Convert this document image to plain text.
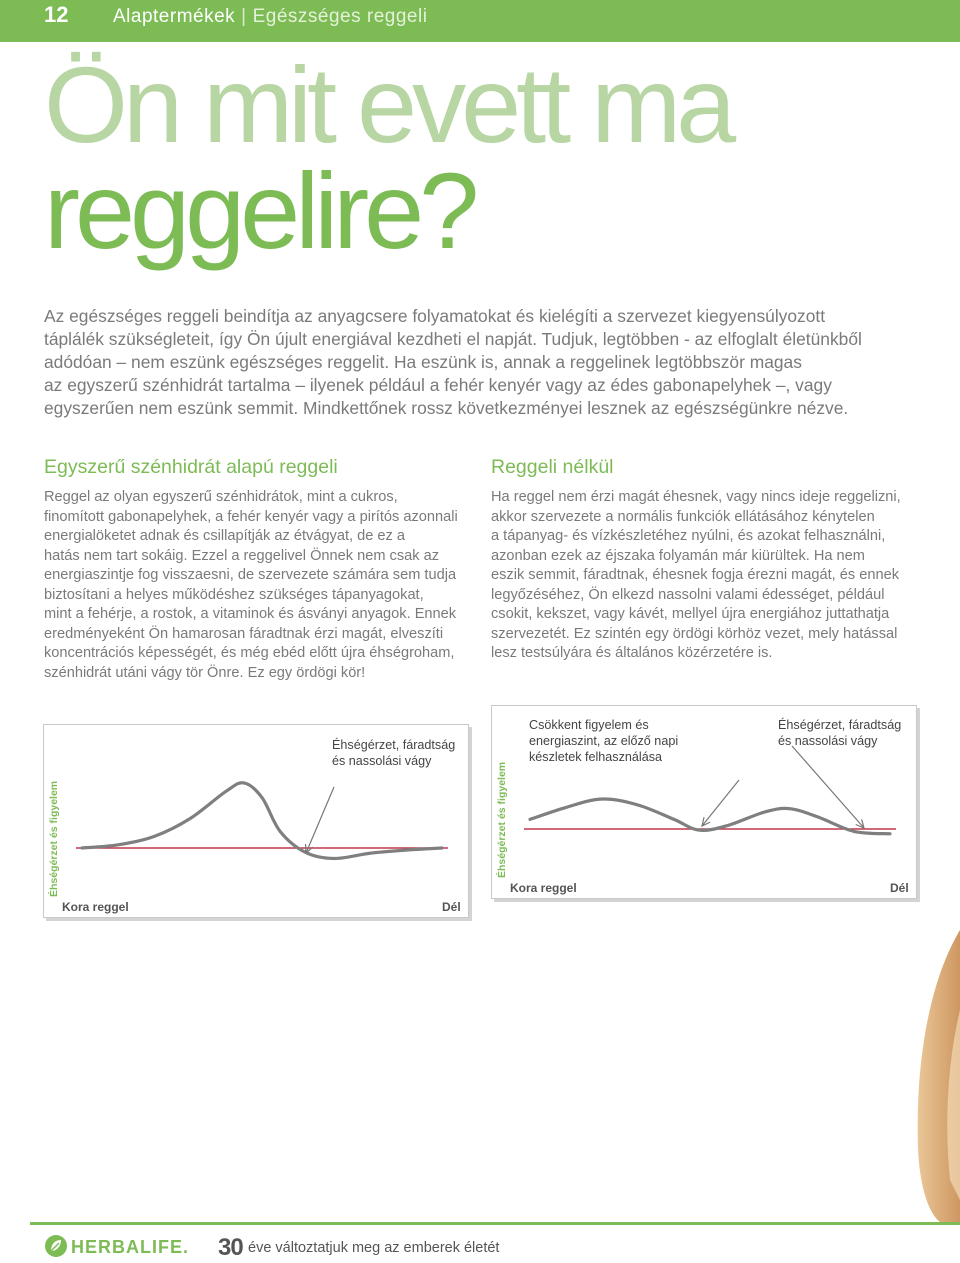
12 Alaptermékek | Egészséges reggeli
Ön mit evett ma
reggelire?
Az egészséges reggeli beindítja az anyagcsere folyamatokat és kielégíti a szervezet kiegyensúlyozott
táplálék szükségleteit, így Ön újult energiával kezdheti el napját. Tudjuk, legtöbben - az elfoglalt életünkből
adódóan – nem eszünk egészséges reggelit. Ha eszünk is, annak a reggelinek legtöbbször magas
az egyszerű szénhidrát tartalma – ilyenek például a fehér kenyér vagy az édes gabonapelyhek –, vagy
egyszerűen nem eszünk semmit. Mindkettőnek rossz következményei lesznek az egészségünkre nézve.
Egyszerű szénhidrát alapú reggeli
Reggel az olyan egyszerű szénhidrátok, mint a cukros,
finomított gabonapelyhek, a fehér kenyér vagy a pirítós azonnali
energialöketet adnak és csillapítják az étvágyat, de ez a
hatás nem tart sokáig. Ezzel a reggelivel Önnek nem csak az
energiaszintje fog visszaesni, de szervezete számára sem tudja
biztosítani a helyes működéshez szükséges tápanyagokat,
mint a fehérje, a rostok, a vitaminok és ásványi anyagok. Ennek
eredményeként Ön hamarosan fáradtnak érzi magát, elveszíti
koncentrációs képességét, és még ebéd előtt újra éhségroham,
szénhidrát utáni vágy tör Önre. Ez egy ördögi kör!
Reggeli nélkül
Ha reggel nem érzi magát éhesnek, vagy nincs ideje reggelizni,
akkor szervezete a normális funkciók ellátásához kénytelen
a tápanyag- és vízkészletéhez nyúlni, és azokat felhasználni,
azonban ezek az éjszaka folyamán már kiürültek. Ha nem
eszik semmit, fáradtnak, éhesnek fogja érezni magát, és ennek
legyőzéséhez, Ön elkezd nassolni valami édességet, például
csokit, kekszet, vagy kávét, mellyel újra energiához juttathatja
szervezetét. Ez szintén egy ördögi körhöz vezet, mely hatással
lesz testsúlyára és általános közérzetére is.
Éhségérzet és figyelem
Kora reggel	Dél
Éhségérzet, fáradtság
és nassolási vágy
Éhségérzet és figyelem
Kora reggel	Dél
Csökkent figyelem és
energiaszint, az előző napi
készletek felhasználása
Éhségérzet, fáradtság
és nassolási vágy
HERBALIFE. 30 éve változtatjuk meg az emberek életét
